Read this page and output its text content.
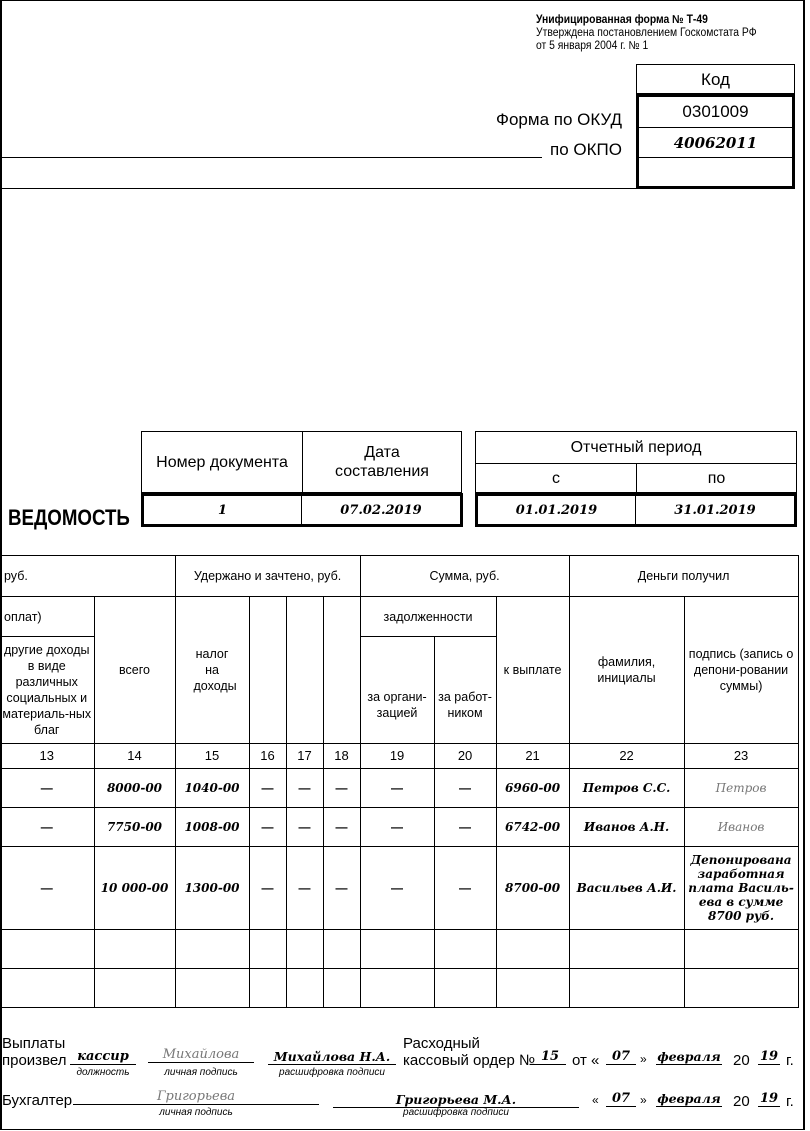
Унифицированная форма № Т-49
Утверждена постановлением Госкомстата РФ
от 5 января 2004 г. № 1
Код
0301009
40062011
Форма по ОКУД
по ОКПО
ВЕДОМОСТЬ
Номер документа
Дата составления
1	07.02.2019
Отчетный период
с	по
01.01.2019	31.01.2019
руб.		Удержано и зачтено, руб.				Сумма, руб.			Деньги получил	
оплат)	всего	налог на доходы				задолженности		к выплате	фамилия, инициалы	подпись (запись о депони-ровании суммы)
другие доходы в виде различных социальных и материаль-ных благ						за органи-зацией	за работ-ником			
13	14	15	16	17	18	19	20	21	22	23
—	8000-00	1040-00	—	—	—	—	—	6960-00	Петров С.С.	Петров
—	7750-00	1008-00	—	—	—	—	—	6742-00	Иванов А.Н.	Иванов
—	10 000-00	1300-00	—	—	—	—	—	8700-00	Васильев А.И.	Депонирована заработная плата Василь-ева в сумме 8700 руб.

Выплаты
произвел кассир
должность
Михайлова
личная подпись
Михайлова Н.А.
расшифровка подписи
Расходный
кассовый ордер № 15 от « 07 » февраля 20 19 г.
Бухгалтер	Григорьева
личная подпись
Григорьева М.А.
расшифровка подписи
«	07 » февраля 20 19 г.
